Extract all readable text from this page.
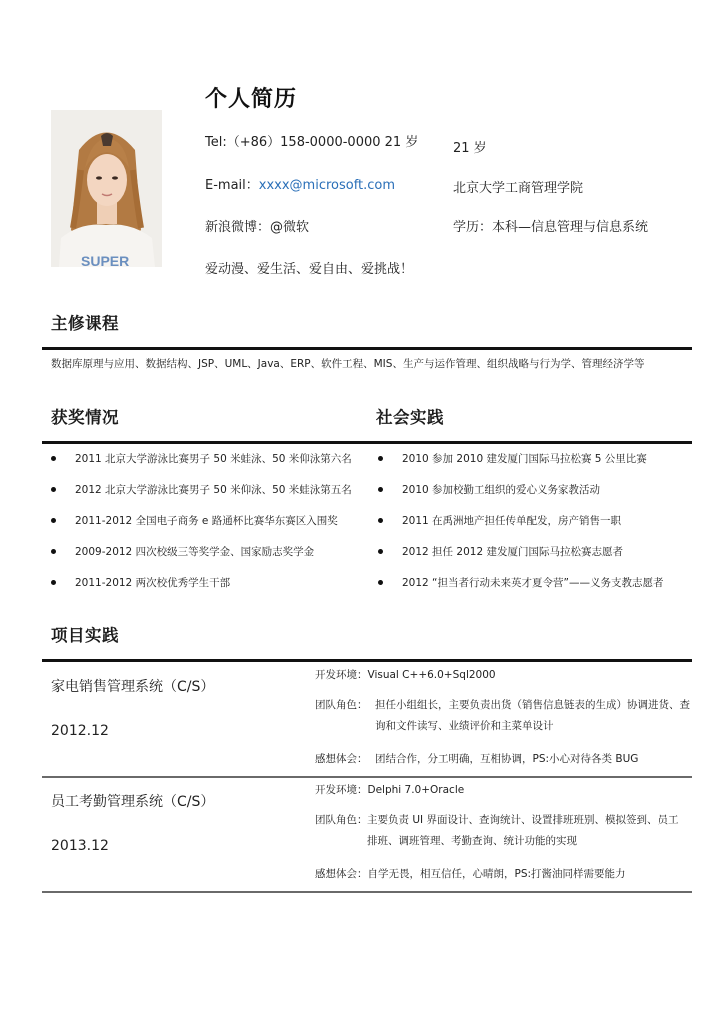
个人简历
SUPER
Tel:（+86）158-0000-0000 21 岁
E-mail：xxxx@microsoft.com
新浪微博：@微软
爱动漫、爱生活、爱自由、爱挑战！
21 岁
北京大学工商管理学院
学历：本科—信息管理与信息系统
主修课程
数据库原理与应用、数据结构、JSP、UML、Java、ERP、软件工程、MIS、生产与运作管理、组织战略与行为学、管理经济学等
获奖情况	社会实践
2011 北京大学游泳比赛男子 50 米蛙泳、50 米仰泳第六名
2012 北京大学游泳比赛男子 50 米仰泳、50 米蛙泳第五名
2011-2012 全国电子商务 e 路通杯比赛华东赛区入围奖
2009-2012 四次校级三等奖学金、国家励志奖学金
2011-2012 两次校优秀学生干部
2010 参加 2010 建发厦门国际马拉松赛 5 公里比赛
2010 参加校勤工组织的爱心义务家教活动
2011 在禹洲地产担任传单配发，房产销售一职
2012 担任 2012 建发厦门国际马拉松赛志愿者
2012 “担当者行动未来英才夏令营”——义务支教志愿者
项目实践
家电销售管理系统（C/S）
2012.12
开发环境：Visual C++6.0+Sql2000
团队角色： 担任小组组长，主要负责出货（销售信息链表的生成）协调进货、查询和文件读写、业绩评价和主菜单设计
感想体会： 团结合作，分工明确，互相协调，PS:小心对待各类 BUG
员工考勤管理系统（C/S）
2013.12
开发环境：Delphi 7.0+Oracle
团队角色：主要负责 UI 界面设计、查询统计、设置排班班别、模拟签到、员工排班、调班管理、考勤查询、统计功能的实现
感想体会：自学无畏，相互信任，心晴朗，PS:打酱油同样需要能力
